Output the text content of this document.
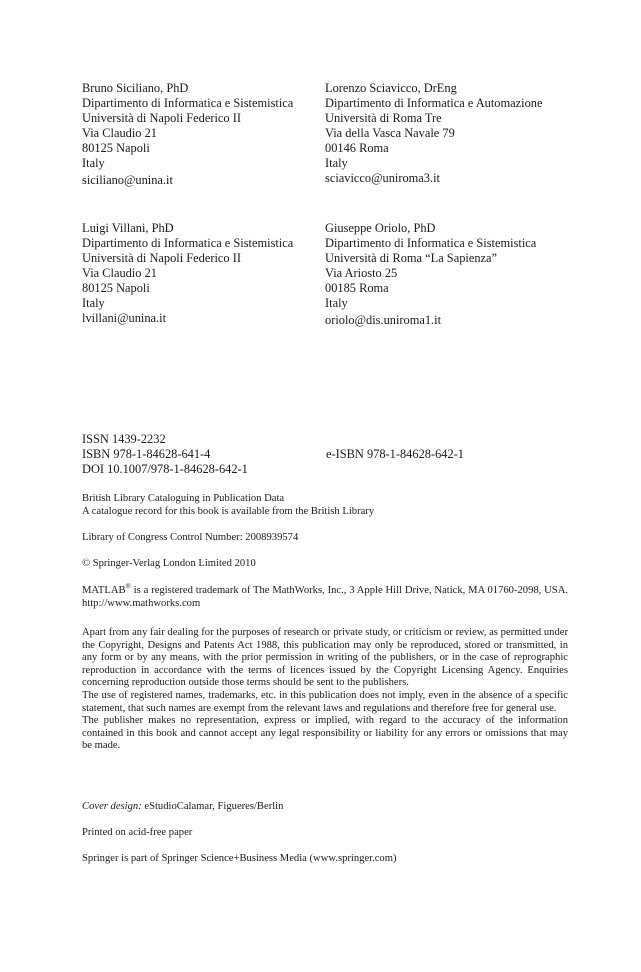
Bruno Siciliano, PhD
Dipartimento di Informatica e Sistemistica
Università di Napoli Federico II
Via Claudio 21
80125 Napoli
Italy
siciliano@unina.it
Lorenzo Sciavicco, DrEng
Dipartimento di Informatica e Automazione
Università di Roma Tre
Via della Vasca Navale 79
00146 Roma
Italy
sciavicco@uniroma3.it
Luigi Villani, PhD
Dipartimento di Informatica e Sistemistica
Università di Napoli Federico II
Via Claudio 21
80125 Napoli
Italy
lvillani@unina.it
Giuseppe Oriolo, PhD
Dipartimento di Informatica e Sistemistica
Università di Roma “La Sapienza”
Via Ariosto 25
00185 Roma
Italy
oriolo@dis.uniroma1.it
ISSN 1439-2232
ISBN 978-1-84628-641-4
DOI 10.1007/978-1-84628-642-1
e-ISBN 978-1-84628-642-1

British Library Cataloguing in Publication Data

A catalogue record for this book is available from the British Library

Library of Congress Control Number: 2008939574
© Springer-Verlag London Limited 2010
MATLAB® is a registered trademark of The MathWorks, Inc., 3 Apple Hill Drive, Natick, MA 01760-2098, USA. http://www.mathworks.com

Apart from any fair dealing for the purposes of research or private study, or criticism or review, as permitted under the Copyright, Designs and Patents Act 1988, this publication may only be reproduced, stored or transmitted, in any form or by any means, with the prior permission in writing of the publishers, or in the case of reprographic reproduction in accordance with the terms of licences issued by the Copyright Licensing Agency. Enquiries concerning reproduction outside those terms should be sent to the publishers.

The use of registered names, trademarks, etc. in this publication does not imply, even in the absence of a specific statement, that such names are exempt from the relevant laws and regulations and therefore free for general use.

The publisher makes no representation, express or implied, with regard to the accuracy of the information contained in this book and cannot accept any legal responsibility or liability for any errors or omissions that may be made.

Cover design: eStudioCalamar, Figueres/Berlin
Printed on acid-free paper
Springer is part of Springer Science+Business Media (www.springer.com)
